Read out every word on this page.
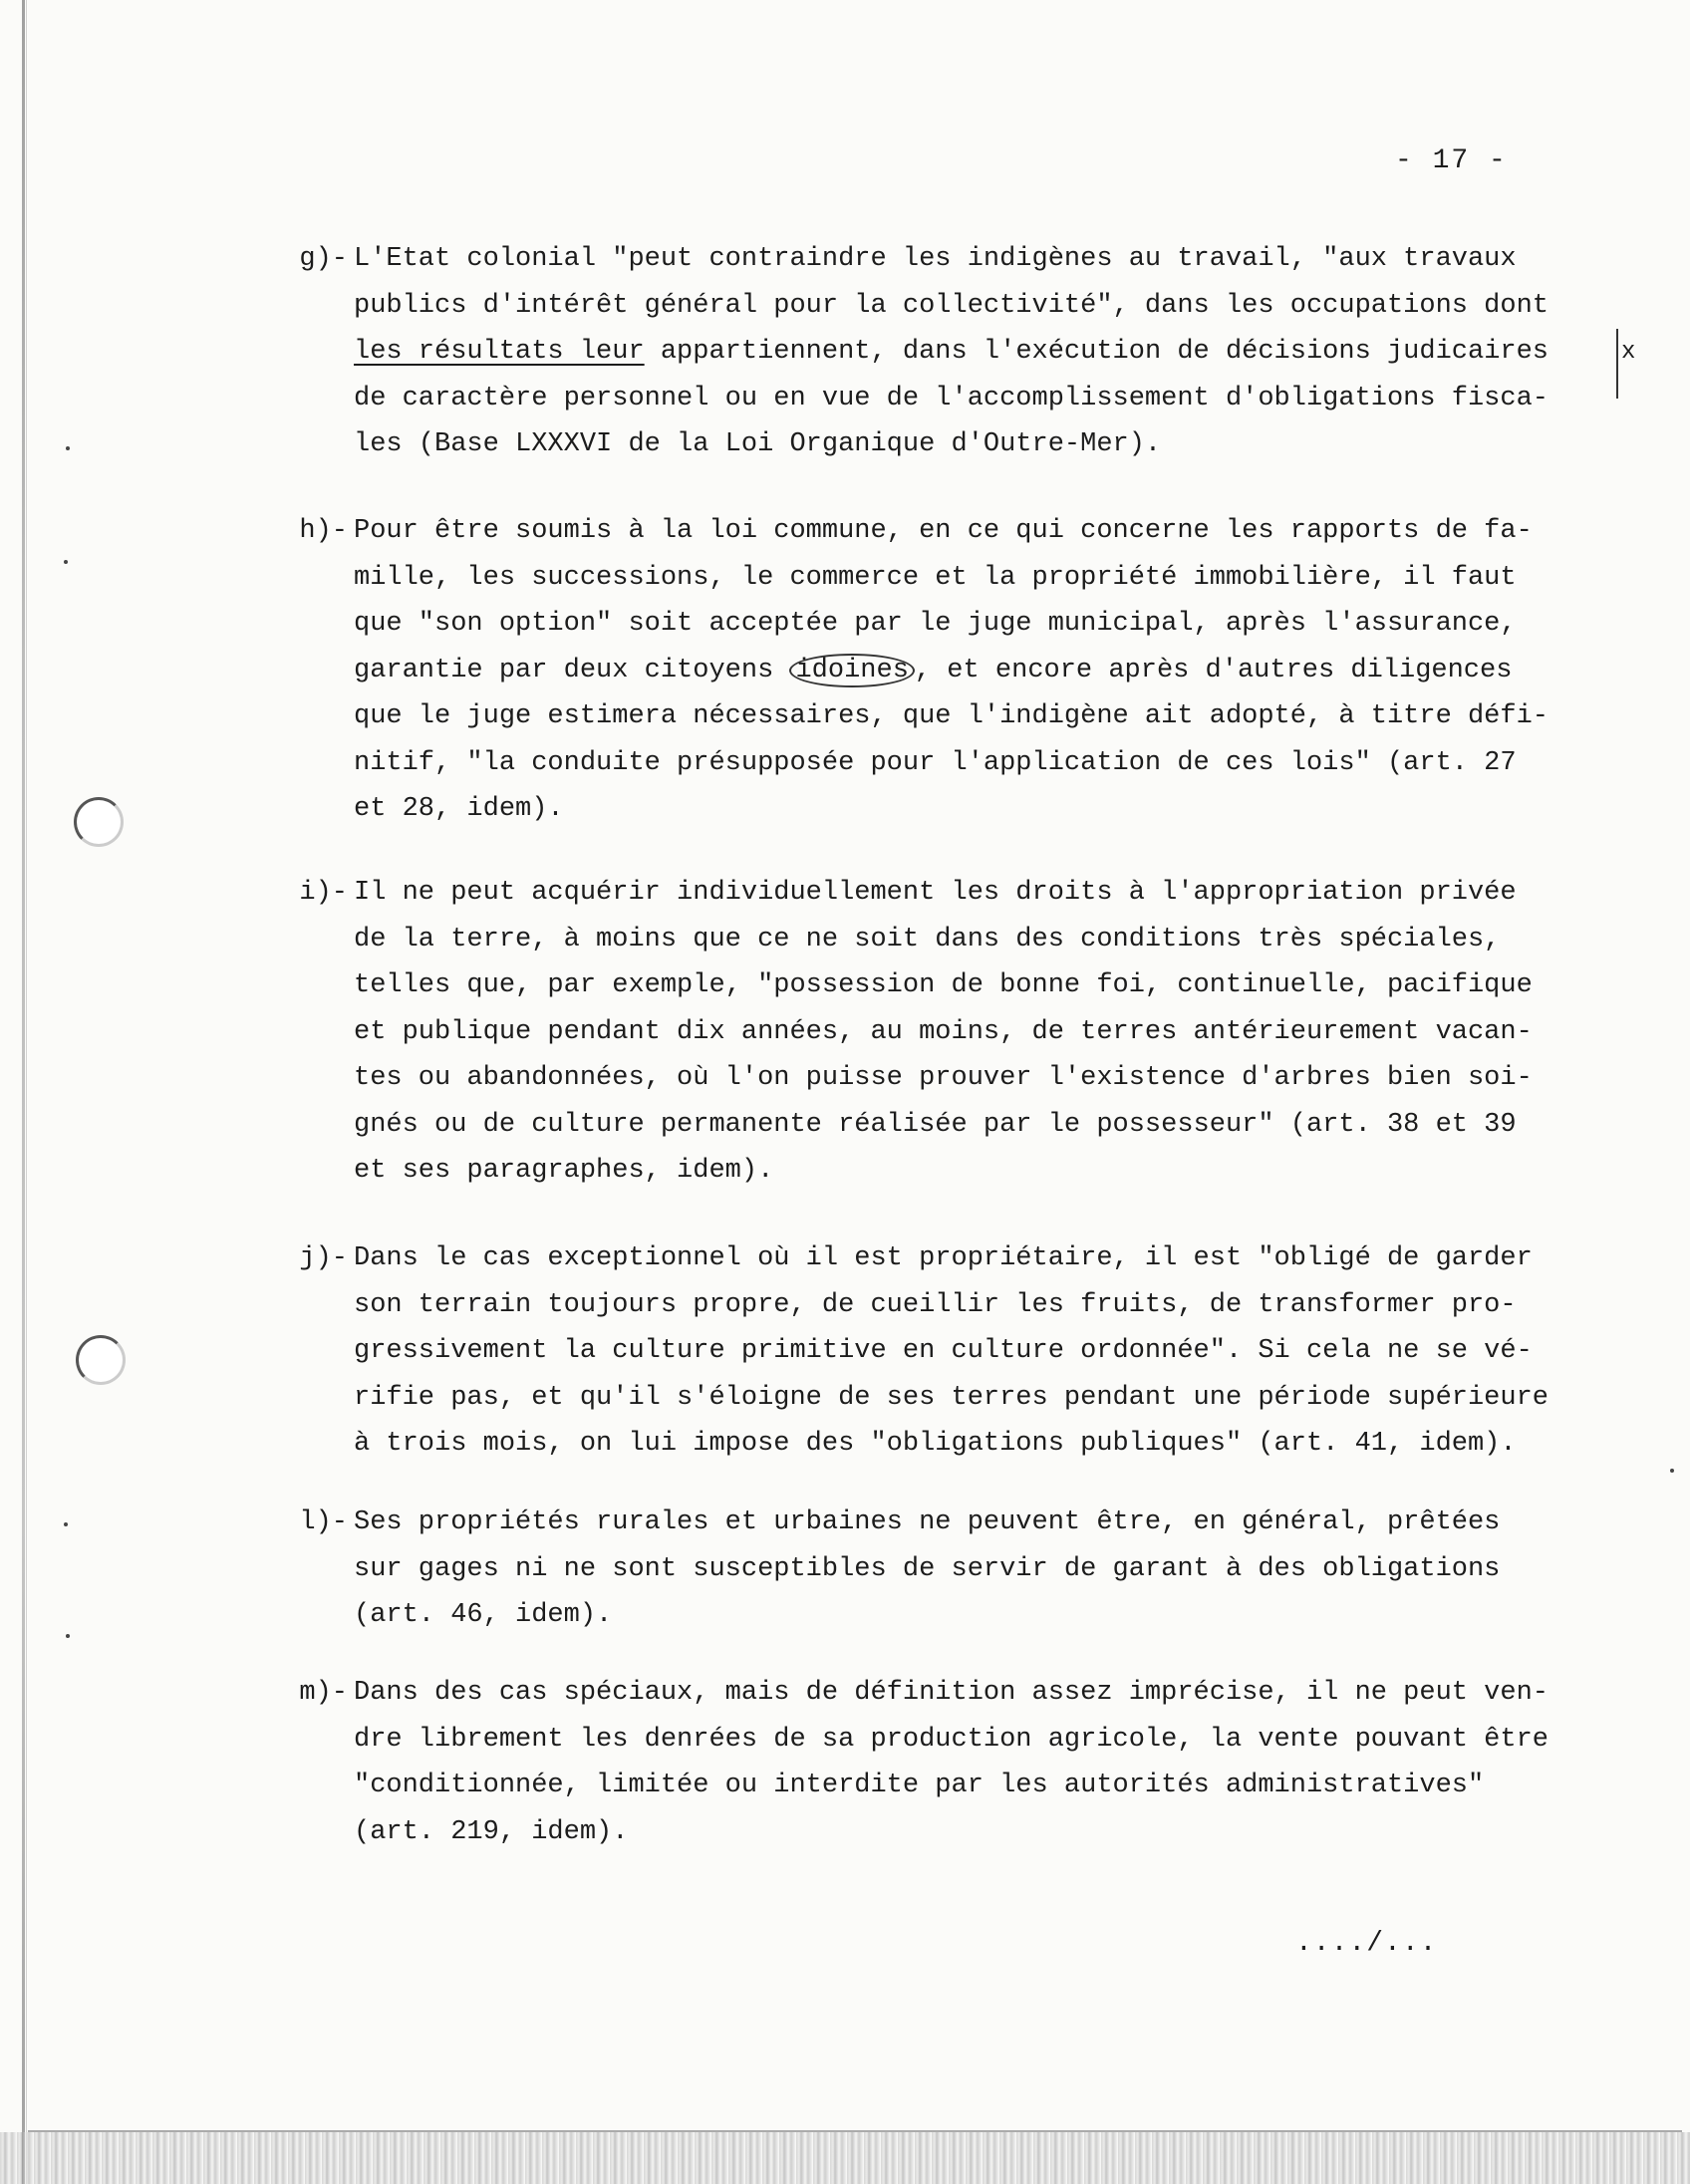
- 17 -
x
g)- L'Etat colonial "peut contraindre les indigènes au travail, "aux travaux
publics d'intérêt général pour la collectivité", dans les occupations dont
les résultats leur appartiennent, dans l'exécution de décisions judicaires
de caractère personnel ou en vue de l'accomplissement d'obligations fisca-
les (Base LXXXVI de la Loi Organique d'Outre-Mer).
h)- Pour être soumis à la loi commune, en ce qui concerne les rapports de fa-
mille, les successions, le commerce et la propriété immobilière, il faut
que "son option" soit acceptée par le juge municipal, après l'assurance,
garantie par deux citoyens idoines , et encore après d'autres diligences
que le juge estimera nécessaires, que l'indigène ait adopté, à titre défi-
nitif, "la conduite présupposée pour l'application de ces lois" (art. 27
et 28, idem).
i)- Il ne peut acquérir individuellement les droits à l'appropriation privée
de la terre, à moins que ce ne soit dans des conditions très spéciales,
telles que, par exemple, "possession de bonne foi, continuelle, pacifique
et publique pendant dix années, au moins, de terres antérieurement vacan-
tes ou abandonnées, où l'on puisse prouver l'existence d'arbres bien soi-
gnés ou de culture permanente réalisée par le possesseur" (art. 38 et 39
et ses paragraphes, idem).
j)- Dans le cas exceptionnel où il est propriétaire, il est "obligé de garder
son terrain toujours propre, de cueillir les fruits, de transformer pro-
gressivement la culture primitive en culture ordonnée". Si cela ne se vé-
rifie pas, et qu'il s'éloigne de ses terres pendant une période supérieure
à trois mois, on lui impose des "obligations publiques" (art. 41, idem).
l)- Ses propriétés rurales et urbaines ne peuvent être, en général, prêtées
sur gages ni ne sont susceptibles de servir de garant à des obligations
(art. 46, idem).
m)- Dans des cas spéciaux, mais de définition assez imprécise, il ne peut ven-
dre librement les denrées de sa production agricole, la vente pouvant être
"conditionnée, limitée ou interdite par les autorités administratives"
(art. 219, idem).
..../...
